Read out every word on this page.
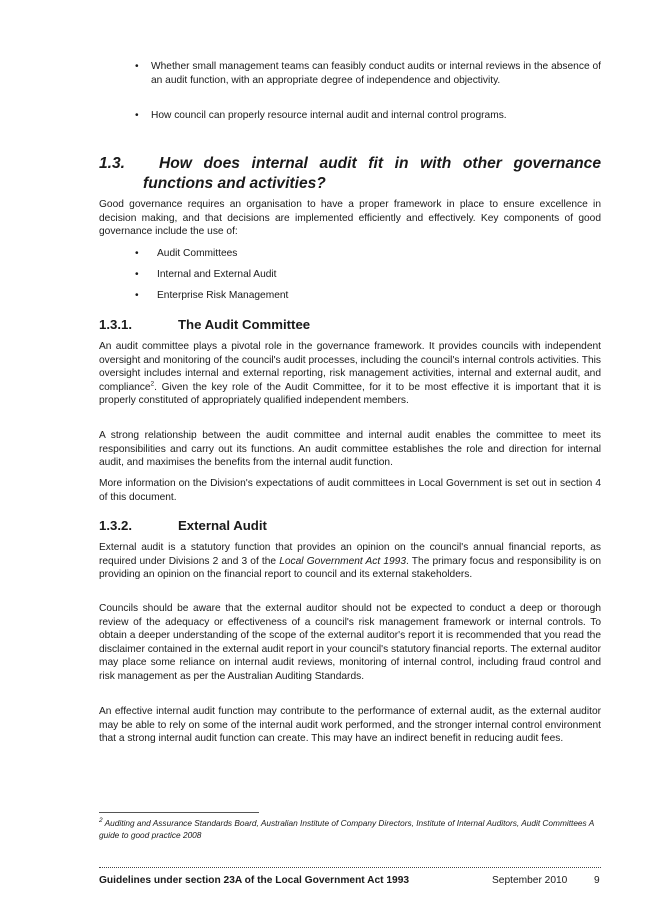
• Whether small management teams can feasibly conduct audits or internal reviews in the absence of an audit function, with an appropriate degree of independence and objectivity.

• How council can properly resource internal audit and internal control programs.

1.3. How does internal audit fit in with other governance
functions and activities?

Good governance requires an organisation to have a proper framework in place to ensure excellence in decision making, and that decisions are implemented efficiently and effectively. Key components of good governance include the use of:

• Audit Committees
• Internal and External Audit
• Enterprise Risk Management
1.3.1.	The Audit Committee

An audit committee plays a pivotal role in the governance framework. It provides councils with independent oversight and monitoring of the council's audit processes, including the council's internal controls activities. This oversight includes internal and external reporting, risk management activities, internal and external audit, and compliance$^2$. Given the key role of the Audit Committee, for it to be most effective it is important that it is properly constituted of appropriately qualified independent members.

A strong relationship between the audit committee and internal audit enables the committee to meet its responsibilities and carry out its functions. An audit committee establishes the role and direction for internal audit, and maximises the benefits from the internal audit function.

More information on the Division's expectations of audit committees in Local Government is set out in section 4 of this document.

1.3.2.	External Audit

External audit is a statutory function that provides an opinion on the council's annual financial reports, as required under Divisions 2 and 3 of the Local Government Act 1993. The primary focus and responsibility is on providing an opinion on the financial report to council and its external stakeholders.

Councils should be aware that the external auditor should not be expected to conduct a deep or thorough review of the adequacy or effectiveness of a council's risk management framework or internal controls. To obtain a deeper understanding of the scope of the external auditor's report it is recommended that you read the disclaimer contained in the external audit report in your council's statutory financial reports. The external auditor may place some reliance on internal audit reviews, monitoring of internal control, including fraud control and risk management as per the Australian Auditing Standards.

An effective internal audit function may contribute to the performance of external audit, as the external auditor may be able to rely on some of the internal audit work performed, and the stronger internal control environment that a strong internal audit function can create. This may have an indirect benefit in reducing audit fees.

$^2$ Auditing and Assurance Standards Board, Australian Institute of Company Directors, Institute of Internal Auditors, Audit Committees A guide to good practice 2008

Guidelines under section 23A of the Local Government Act 1993	September 2010	9
